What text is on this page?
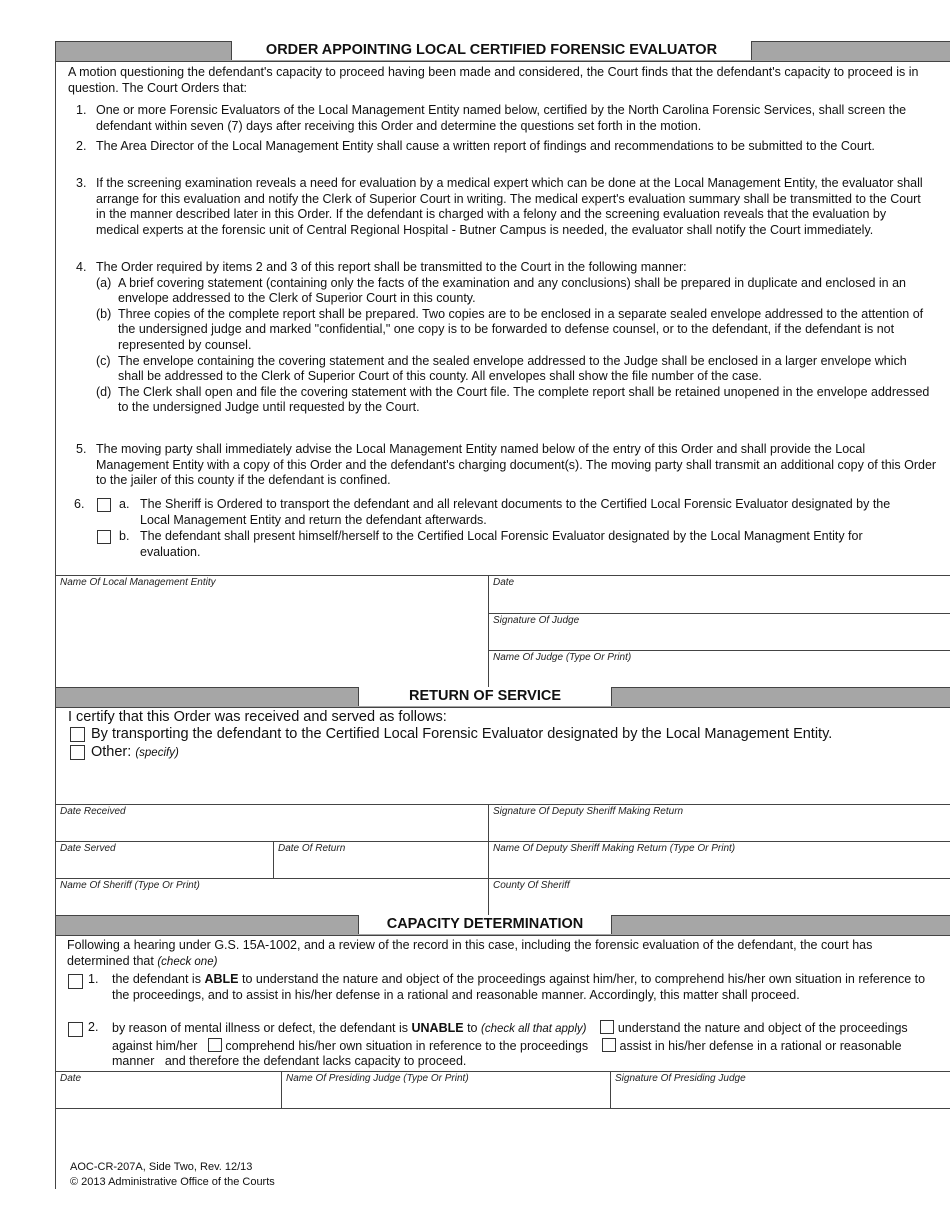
ORDER APPOINTING LOCAL CERTIFIED FORENSIC EVALUATOR
A motion questioning the defendant's capacity to proceed having been made and considered, the Court finds that the defendant's capacity to proceed is in question. The Court Orders that:
1. One or more Forensic Evaluators of the Local Management Entity named below, certified by the North Carolina Forensic Services, shall screen the defendant within seven (7) days after receiving this Order and determine the questions set forth in the motion.
2. The Area Director of the Local Management Entity shall cause a written report of findings and recommendations to be submitted to the Court.
3. If the screening examination reveals a need for evaluation by a medical expert which can be done at the Local Management Entity, the evaluator shall arrange for this evaluation and notify the Clerk of Superior Court in writing. The medical expert's evaluation summary shall be transmitted to the Court in the manner described later in this Order. If the defendant is charged with a felony and the screening evaluation reveals that the evaluation by medical experts at the forensic unit of Central Regional Hospital - Butner Campus is needed, the evaluator shall notify the Court immediately.
4. The Order required by items 2 and 3 of this report shall be transmitted to the Court in the following manner:
(a) A brief covering statement (containing only the facts of the examination and any conclusions) shall be prepared in duplicate and enclosed in an envelope addressed to the Clerk of Superior Court in this county.
(b) Three copies of the complete report shall be prepared. Two copies are to be enclosed in a separate sealed envelope addressed to the attention of the undersigned judge and marked "confidential," one copy is to be forwarded to defense counsel, or to the defendant, if the defendant is not represented by counsel.
(c) The envelope containing the covering statement and the sealed envelope addressed to the Judge shall be enclosed in a larger envelope which shall be addressed to the Clerk of Superior Court of this county. All envelopes shall show the file number of the case.
(d) The Clerk shall open and file the covering statement with the Court file. The complete report shall be retained unopened in the envelope addressed to the undersigned Judge until requested by the Court.
5. The moving party shall immediately advise the Local Management Entity named below of the entry of this Order and shall provide the Local Management Entity with a copy of this Order and the defendant's charging document(s). The moving party shall transmit an additional copy of this Order to the jailer of this county if the defendant is confined.
6.	a. The Sheriff is Ordered to transport the defendant and all relevant documents to the Certified Local Forensic Evaluator designated by the Local Management Entity and return the defendant afterwards.
b. The defendant shall present himself/herself to the Certified Local Forensic Evaluator designated by the Local Managment Entity for evaluation.
Name Of Local Management Entity	Date
Signature Of Judge
Name Of Judge (Type Or Print)
RETURN OF SERVICE
I certify that this Order was received and served as follows:
By transporting the defendant to the Certified Local Forensic Evaluator designated by the Local Management Entity.
Other: (specify)
Date Received	Signature Of Deputy Sheriff Making Return
Date Served	Date Of Return	Name Of Deputy Sheriff Making Return (Type Or Print)
Name Of Sheriff (Type Or Print)	County Of Sheriff
CAPACITY DETERMINATION
Following a hearing under G.S. 15A-1002, and a review of the record in this case, including the forensic evaluation of the defendant, the court has determined that (check one)
1. the defendant is ABLE to understand the nature and object of the proceedings against him/her, to comprehend his/her own situation in reference to the proceedings, and to assist in his/her defense in a rational and reasonable manner. Accordingly, this matter shall proceed.
2. by reason of mental illness or defect, the defendant is UNABLE to (check all that apply)	understand the nature and object of the proceedings against him/her comprehend his/her own situation in reference to the proceedings	assist in his/her defense in a rational or reasonable manner and therefore the defendant lacks capacity to proceed.
Date	Name Of Presiding Judge (Type Or Print)	Signature Of Presiding Judge
AOC-CR-207A, Side Two, Rev. 12/13
© 2013 Administrative Office of the Courts
